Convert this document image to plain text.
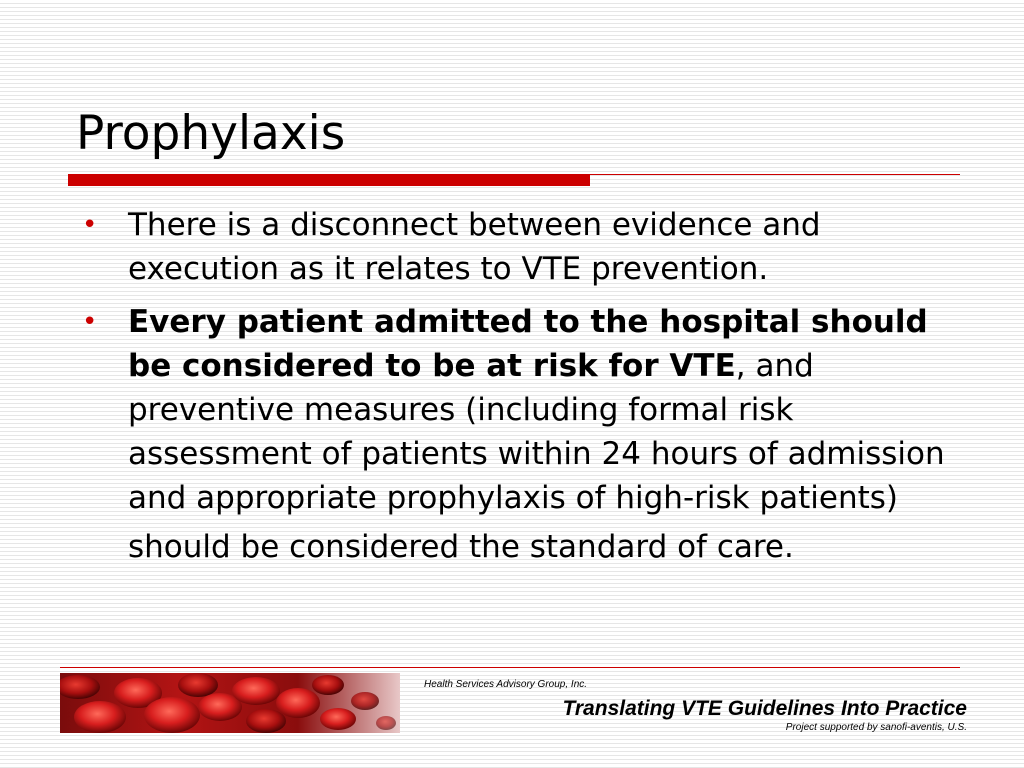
Prophylaxis
• There is a disconnect between evidence and execution as it relates to VTE prevention.
• Every patient admitted to the hospital should be considered to be at risk for VTE, and preventive measures (including formal risk assessment of patients within 24 hours of admission and appropriate prophylaxis of high-risk patients) should be considered the standard of care.
Health Services Advisory Group, Inc.
Translating VTE Guidelines Into Practice
Project supported by sanofi-aventis, U.S.
